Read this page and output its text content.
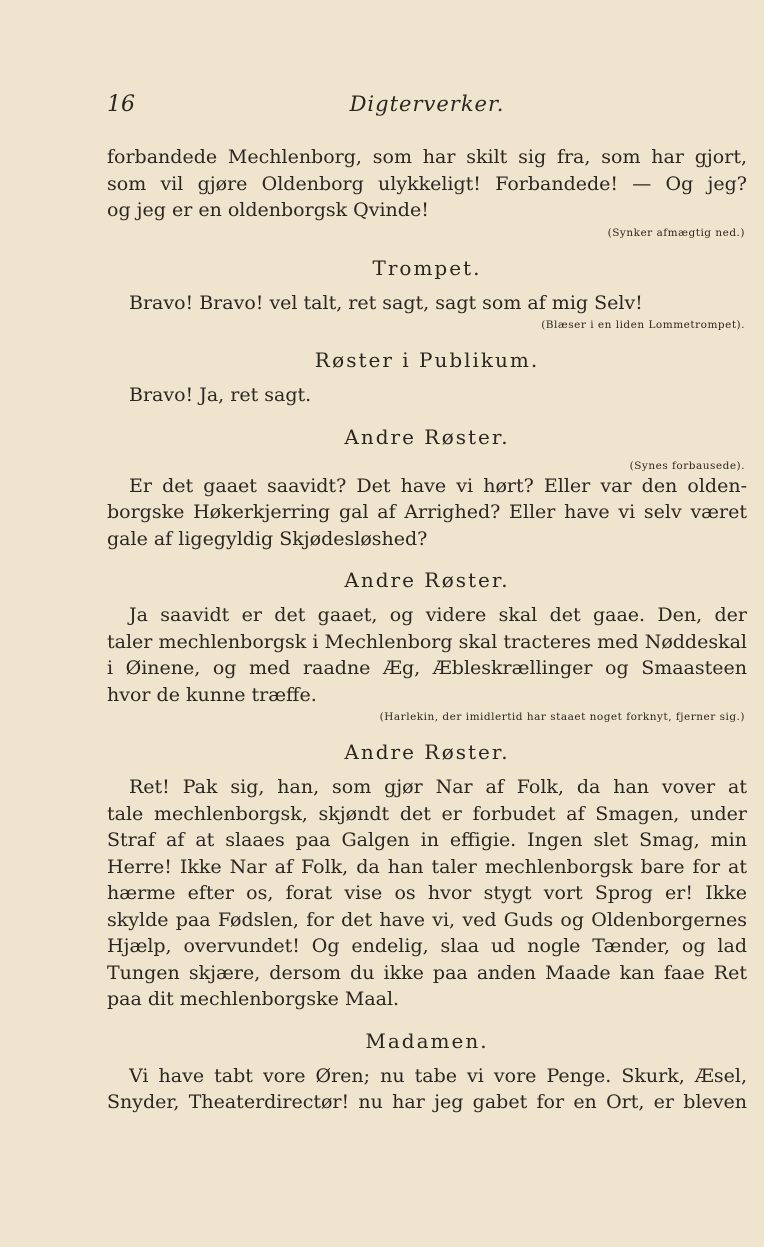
16	Digterverker.
forbandede Mechlenborg, som har skilt sig fra, som har gjort,
som vil gjøre Oldenborg ulykkeligt! Forbandede! — Og jeg?
og jeg er en oldenborgsk Qvinde!
(Synker afmægtig ned.)
Trompet.
Bravo! Bravo! vel talt, ret sagt, sagt som af mig Selv!
(Blæser i en liden Lommetrompet).
Røster i Publikum.
Bravo! Ja, ret sagt.
Andre Røster.
(Synes forbausede).
Er det gaaet saavidt? Det have vi hørt? Eller var den olden-
borgske Høkerkjerring gal af Arrighed? Eller have vi selv været
gale af ligegyldig Skjødesløshed?
Andre Røster.
Ja saavidt er det gaaet, og videre skal det gaae. Den, der
taler mechlenborgsk i Mechlenborg skal tracteres med Nøddeskal
i Øinene, og med raadne Æg, Æbleskrællinger og Smaasteen
hvor de kunne træffe.
(Harlekin, der imidlertid har staaet noget forknyt, fjerner sig.)
Andre Røster.
Ret! Pak sig, han, som gjør Nar af Folk, da han vover at
tale mechlenborgsk, skjøndt det er forbudet af Smagen, under
Straf af at slaaes paa Galgen in effigie. Ingen slet Smag, min
Herre! Ikke Nar af Folk, da han taler mechlenborgsk bare for at
hærme efter os, forat vise os hvor stygt vort Sprog er! Ikke
skylde paa Fødslen, for det have vi, ved Guds og Oldenborgernes
Hjælp, overvundet! Og endelig, slaa ud nogle Tænder, og lad
Tungen skjære, dersom du ikke paa anden Maade kan faae Ret
paa dit mechlenborgske Maal.
Madamen.
Vi have tabt vore Øren; nu tabe vi vore Penge. Skurk, Æsel,
Snyder, Theaterdirectør! nu har jeg gabet for en Ort, er bleven
